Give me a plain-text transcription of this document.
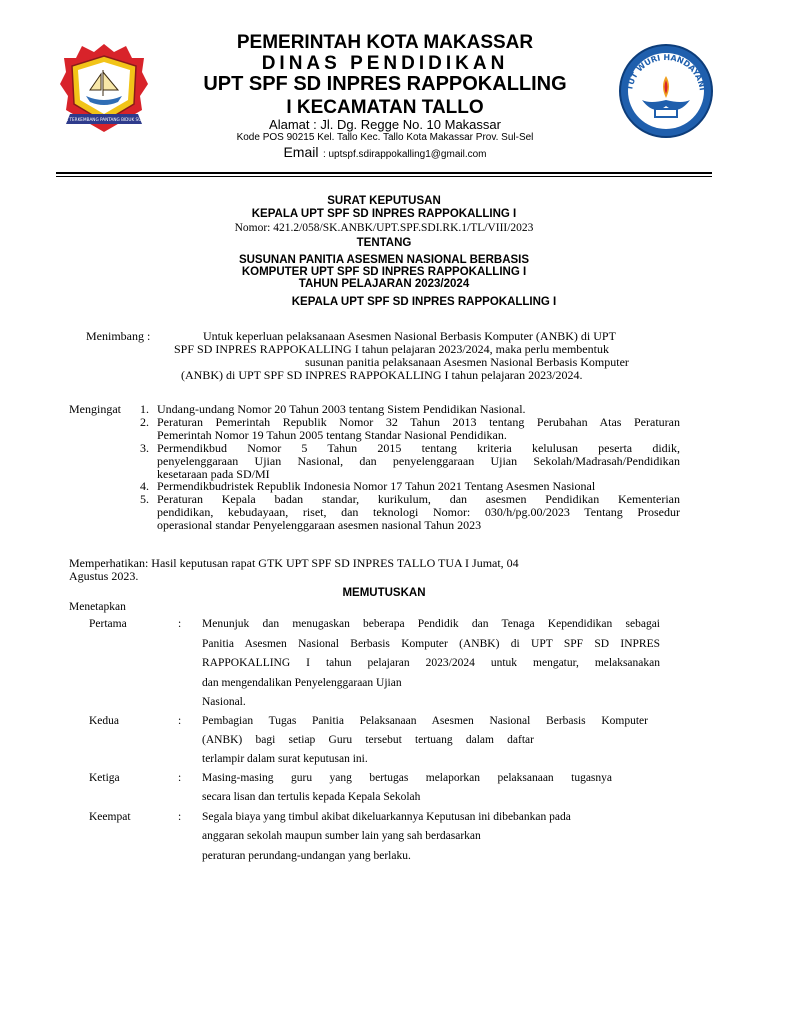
SEKALI LAYAR TERKEMBANG PANTANG BIDUK SURUT KEBALIK
TUT WURI HANDAYANI
PEMERINTAH KOTA MAKASSAR
DINAS PENDIDIKAN
UPT SPF SD INPRES RAPPOKALLING
I KECAMATAN TALLO
Alamat : Jl. Dg. Regge No. 10 Makassar
Kode POS 90215 Kel. Tallo Kec. Tallo Kota Makassar Prov. Sul-Sel
Email : uptspf.sdirappokalling1@gmail.com
SURAT KEPUTUSAN
KEPALA UPT SPF SD INPRES RAPPOKALLING I
Nomor: 421.2/058/SK.ANBK/UPT.SPF.SDI.RK.1/TL/VIII/2023
TENTANG
SUSUNAN PANITIA ASESMEN NASIONAL BERBASIS
KOMPUTER UPT SPF SD INPRES RAPPOKALLING I
TAHUN PELAJARAN 2023/2024
KEPALA UPT SPF SD INPRES RAPPOKALLING I
Menimbang :	Untuk keperluan pelaksanaan Asesmen Nasional Berbasis Komputer (ANBK) di UPT
SPF SD INPRES RAPPOKALLING I tahun pelajaran 2023/2024, maka perlu membentuk
susunan panitia pelaksanaan Asesmen Nasional Berbasis Komputer
(ANBK) di UPT SPF SD INPRES RAPPOKALLING I tahun pelajaran 2023/2024.
Mengingat 1. Undang-undang Nomor 20 Tahun 2003 tentang Sistem Pendidikan Nasional.
2. Peraturan Pemerintah Republik Nomor 32 Tahun 2013 tentang Perubahan Atas Peraturan
Pemerintah Nomor 19 Tahun 2005 tentang Standar Nasional Pendidikan.
3. Permendikbud Nomor 5 Tahun 2015 tentang kriteria kelulusan peserta didik,
penyelenggaraan Ujian Nasional, dan penyelenggaraan Ujian Sekolah/Madrasah/Pendidikan
kesetaraan pada SD/MI
4. Permendikbudristek Republik Indonesia Nomor 17 Tahun 2021 Tentang Asesmen Nasional
5. Peraturan Kepala badan standar, kurikulum, dan asesmen Pendidikan Kementerian
pendidikan, kebudayaan, riset, dan teknologi Nomor: 030/h/pg.00/2023 Tentang Prosedur
operasional standar Penyelenggaraan asesmen nasional Tahun 2023
Memperhatikan: Hasil keputusan rapat GTK UPT SPF SD INPRES TALLO TUA I Jumat, 04
Agustus 2023.
MEMUTUSKAN
Menetapkan
Pertama	: Menunjuk dan menugaskan beberapa Pendidik dan Tenaga Kependidikan sebagai
Panitia Asesmen Nasional Berbasis Komputer (ANBK) di UPT SPF SD INPRES
RAPPOKALLING I tahun pelajaran 2023/2024 untuk mengatur, melaksanakan
dan mengendalikan Penyelenggaraan Ujian
Nasional.
Kedua	: Pembagian Tugas Panitia Pelaksanaan Asesmen Nasional Berbasis Komputer
(ANBK) bagi setiap Guru tersebut tertuang dalam daftar
terlampir dalam surat keputusan ini.
Ketiga	: Masing-masing guru yang bertugas melaporkan pelaksanaan tugasnya
secara lisan dan tertulis kepada Kepala Sekolah
Keempat	: Segala biaya yang timbul akibat dikeluarkannya Keputusan ini dibebankan pada
anggaran sekolah maupun sumber lain yang sah berdasarkan
peraturan perundang-undangan yang berlaku.
